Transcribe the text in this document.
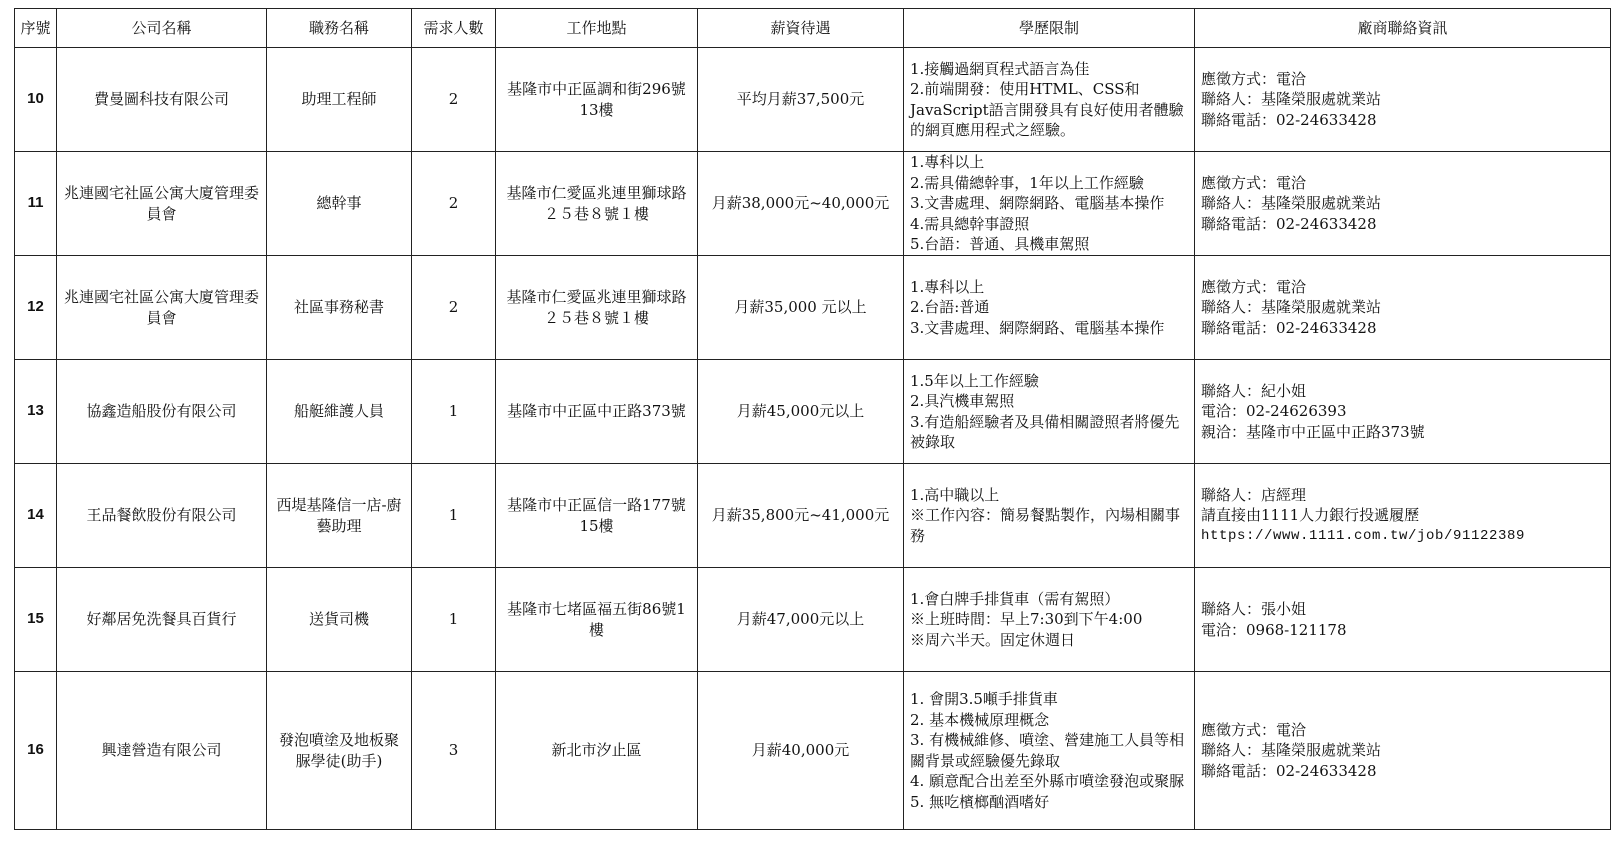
序號	公司名稱	職務名稱	需求人數	工作地點	薪資待遇	學歷限制	廠商聯絡資訊
10	費曼圖科技有限公司	助理工程師	2	基隆市中正區調和街296號13樓	平均月薪37,500元	1.接觸過網頁程式語言為佳
2.前端開發：使用HTML、CSS和JavaScript語言開發具有良好使用者體驗的網頁應用程式之經驗。	應徵方式：電洽
聯絡人：基隆榮服處就業站
聯絡電話：02-24633428

11	兆連國宅社區公寓大廈管理委員會	總幹事	2	基隆市仁愛區兆連里獅球路２５巷８號１樓	月薪38,000元~40,000元	1.專科以上
2.需具備總幹事，1年以上工作經驗
3.文書處理、網際網路、電腦基本操作
4.需具總幹事證照
5.台語：普通、具機車駕照	應徵方式：電洽
聯絡人：基隆榮服處就業站
聯絡電話：02-24633428

12	兆連國宅社區公寓大廈管理委員會	社區事務秘書	2	基隆市仁愛區兆連里獅球路２５巷８號１樓	月薪35,000 元以上	1.專科以上
2.台語:普通
3.文書處理、網際網路、電腦基本操作	應徵方式：電洽
聯絡人：基隆榮服處就業站
聯絡電話：02-24633428

13	協鑫造船股份有限公司	船艇維護人員	1	基隆市中正區中正路373號	月薪45,000元以上	1.5年以上工作經驗
2.具汽機車駕照
3.有造船經驗者及具備相關證照者將優先被錄取	聯絡人：紀小姐
電洽：02-24626393
親洽：基隆市中正區中正路373號

14	王品餐飲股份有限公司	西堤基隆信一店-廚藝助理	1	基隆市中正區信一路177號15樓	月薪35,800元~41,000元	1.高中職以上
※工作內容：簡易餐點製作，內場相關事務	聯絡人：店經理
請直接由1111人力銀行投遞履歷
https://www.1111.com.tw/job/91122389

15	好鄰居免洗餐具百貨行	送貨司機	1	基隆市七堵區福五街86號1樓	月薪47,000元以上	1.會白牌手排貨車（需有駕照）
※上班時間：早上7:30到下午4:00
※周六半天。固定休週日	聯絡人：張小姐
電洽：0968-121178

16	興達營造有限公司	發泡噴塗及地板聚脲學徒(助手)	3	新北市汐止區	月薪40,000元	1. 會開3.5噸手排貨車
2. 基本機械原理概念
3. 有機械維修、噴塗、營建施工人員等相關背景或經驗優先錄取
4. 願意配合出差至外縣市噴塗發泡或聚脲
5. 無吃檳榔酗酒嗜好	應徵方式：電洽
聯絡人：基隆榮服處就業站
聯絡電話：02-24633428
